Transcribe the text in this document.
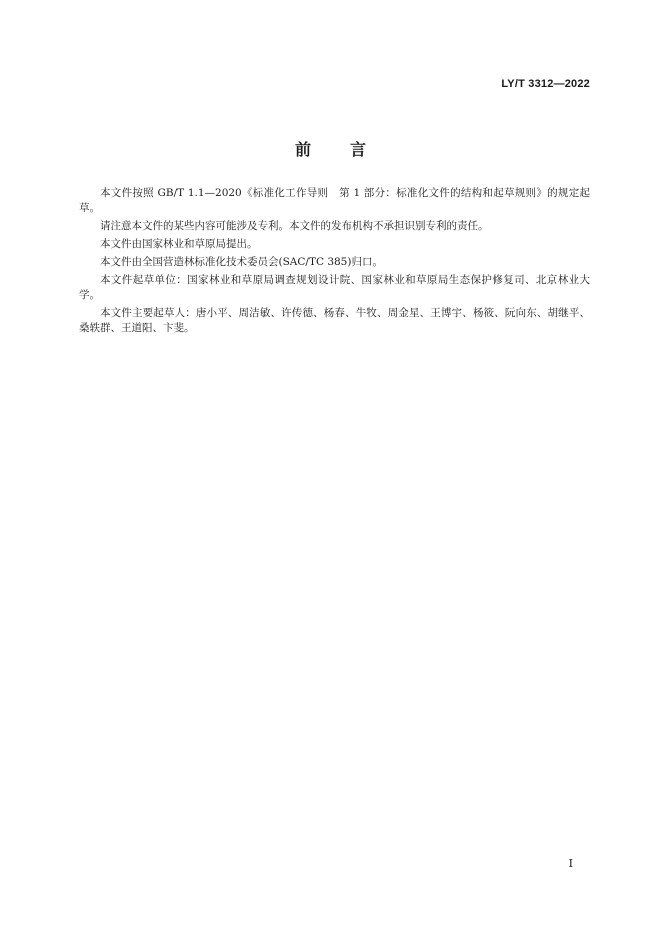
LY/T 3312—2022
前 言

本文件按照 GB/T 1.1—2020《标准化工作导则　第 1 部分：标准化文件的结构和起草规则》的规定起草。

请注意本文件的某些内容可能涉及专利。本文件的发布机构不承担识别专利的责任。

本文件由国家林业和草原局提出。

本文件由全国营造林标准化技术委员会(SAC/TC 385)归口。

本文件起草单位：国家林业和草原局调查规划设计院、国家林业和草原局生态保护修复司、北京林业大学。

本文件主要起草人：唐小平、周洁敏、许传德、杨春、牛牧、周金星、王博宇、杨筱、阮向东、胡继平、桑轶群、王道阳、卞斐。

I
